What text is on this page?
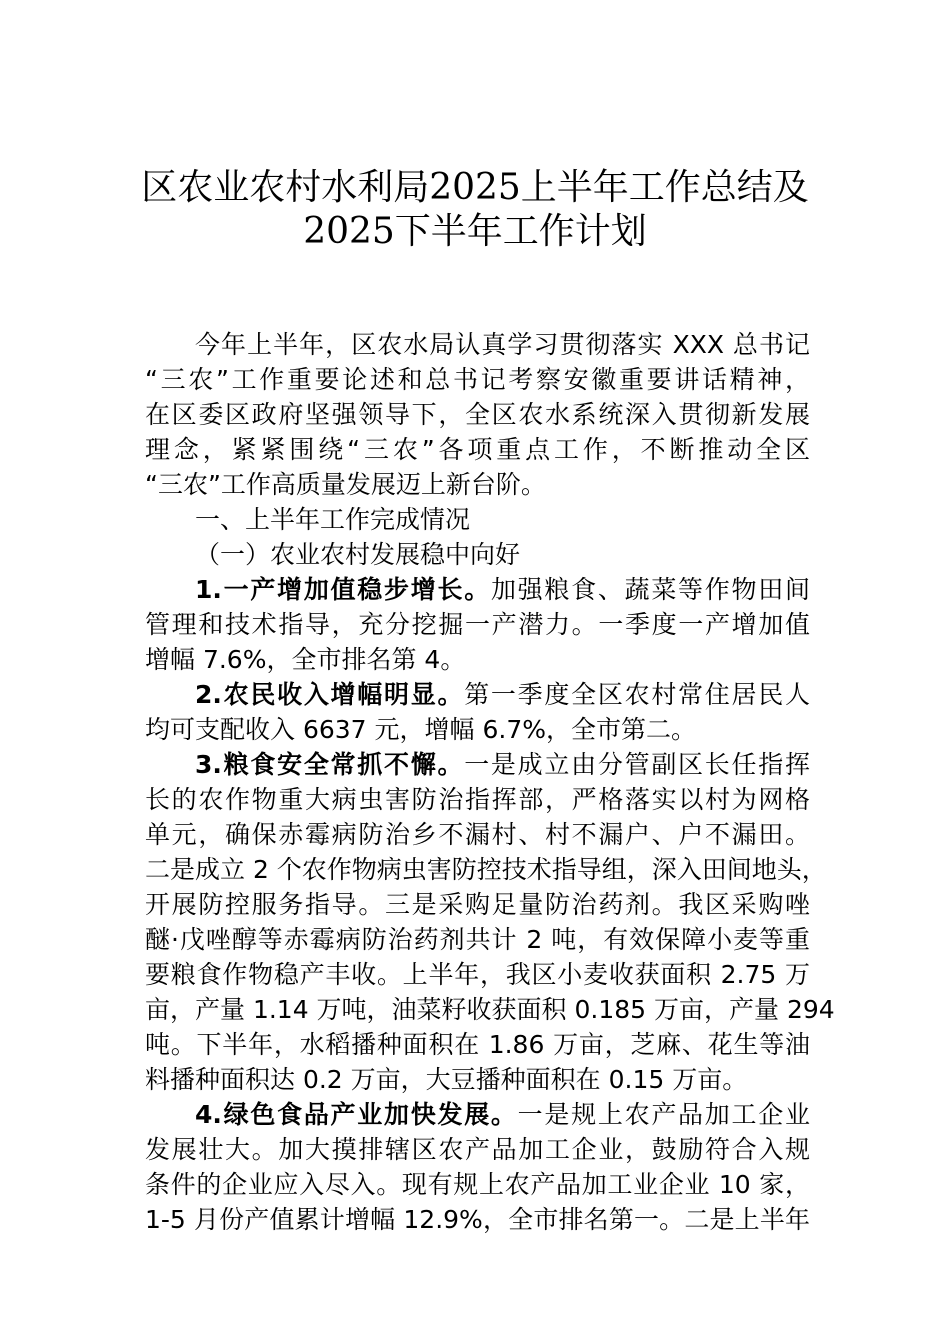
区农业农村水利局2025上半年工作总结及
2025下半年工作计划
今年上半年，区农水局认真学习贯彻落实 XXX 总书记
“三农”工作重要论述和总书记考察安徽重要讲话精神，
在区委区政府坚强领导下，全区农水系统深入贯彻新发展
理念，紧紧围绕“三农”各项重点工作，不断推动全区
“三农”工作高质量发展迈上新台阶。
一、上半年工作完成情况
（一）农业农村发展稳中向好
1.一产增加值稳步增长。加强粮食、蔬菜等作物田间
管理和技术指导，充分挖掘一产潜力。一季度一产增加值
增幅 7.6%，全市排名第 4。
2.农民收入增幅明显。第一季度全区农村常住居民人
均可支配收入 6637 元，增幅 6.7%，全市第二。
3.粮食安全常抓不懈。一是成立由分管副区长任指挥
长的农作物重大病虫害防治指挥部，严格落实以村为网格
单元，确保赤霉病防治乡不漏村、村不漏户、户不漏田。
二是成立 2 个农作物病虫害防控技术指导组，深入田间地头，
开展防控服务指导。三是采购足量防治药剂。我区采购唑
醚·戊唑醇等赤霉病防治药剂共计 2 吨，有效保障小麦等重
要粮食作物稳产丰收。上半年，我区小麦收获面积 2.75 万
亩，产量 1.14 万吨，油菜籽收获面积 0.185 万亩，产量 294
吨。下半年，水稻播种面积在 1.86 万亩，芝麻、花生等油
料播种面积达 0.2 万亩，大豆播种面积在 0.15 万亩。
4.绿色食品产业加快发展。一是规上农产品加工企业
发展壮大。加大摸排辖区农产品加工企业，鼓励符合入规
条件的企业应入尽入。现有规上农产品加工业企业 10 家，
1-5 月份产值累计增幅 12.9%，全市排名第一。二是上半年
